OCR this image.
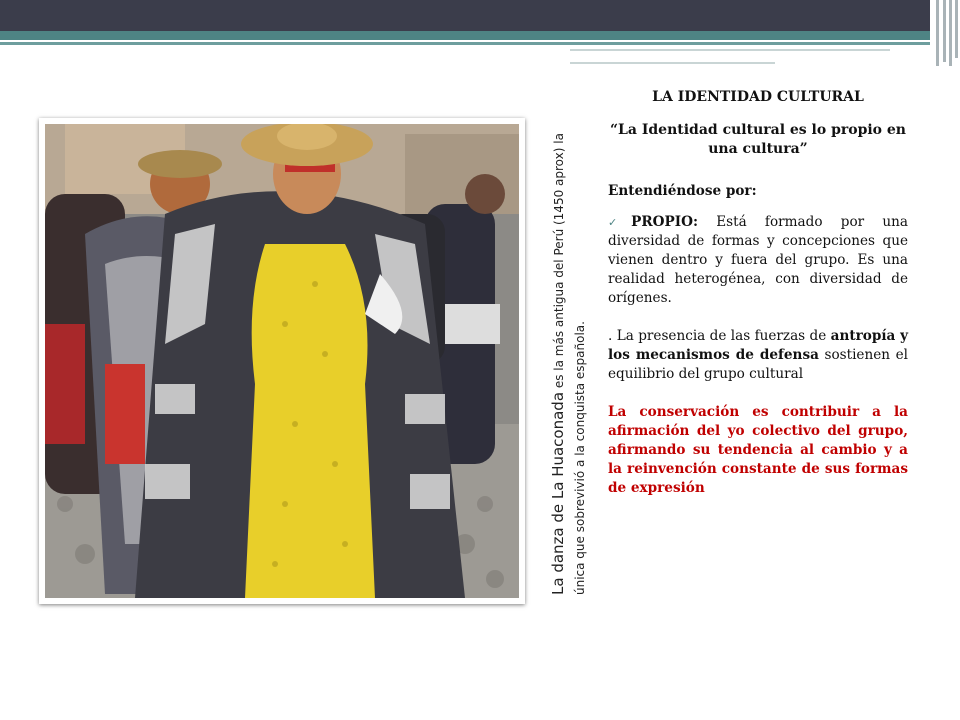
La danza de La Huaconada es la más antigua del Perú (1450 aprox) la única que sobrevivió a la conquista española.
LA IDENTIDAD CULTURAL
“La Identidad cultural es lo propio en una cultura”
Entendiéndose por:
✓PROPIO: Está formado por una diversidad de formas y concepciones que vienen dentro y fuera del grupo. Es una realidad heterogénea, con diversidad de orígenes.
. La presencia de las fuerzas de antropía y los mecanismos de defensa sostienen el equilibrio del grupo cultural
La conservación es contribuir a la afirmación del yo colectivo del grupo, afirmando su tendencia al cambio y a la reinvención constante de sus formas de expresión
